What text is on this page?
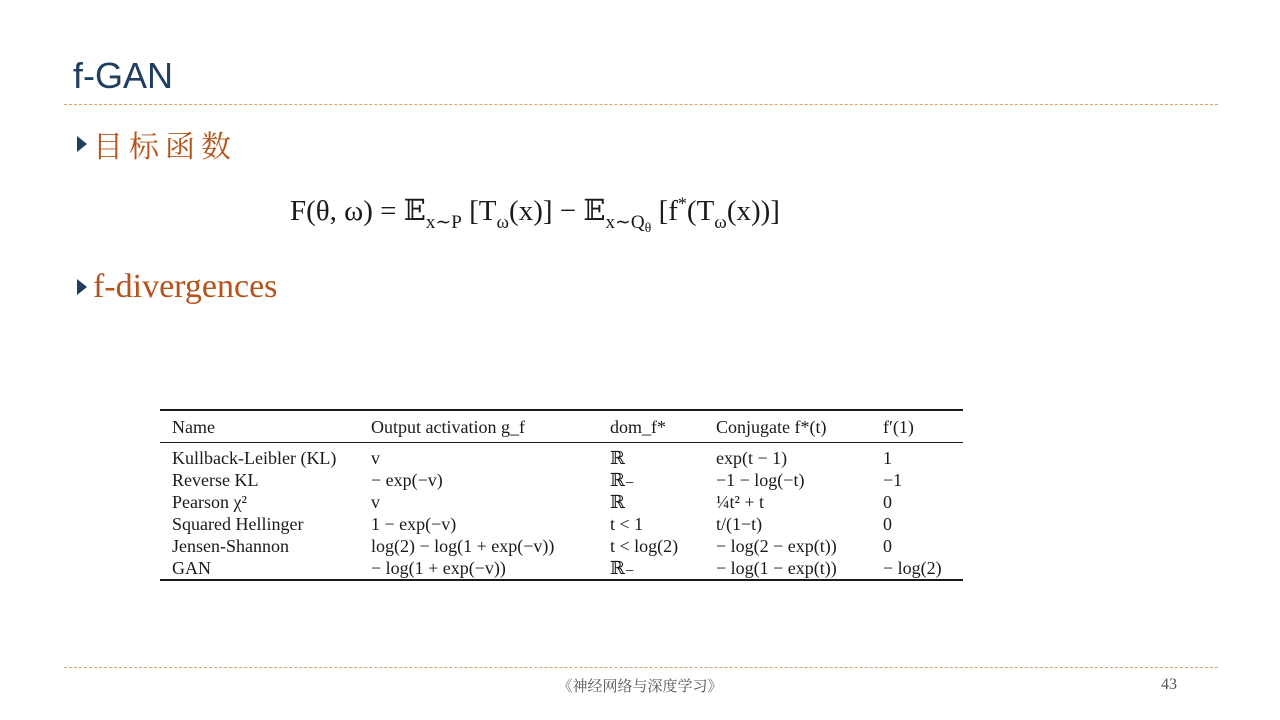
f-GAN
目标函数
F(θ, ω) = 𝔼$_{x\sim P}$ $[T_\omega(x)]$ − 𝔼$_{x\sim Q\theta}$ $[f^*(T_\omega(x))]$
f-divergences
Name	Output activation g_f	dom_f*	Conjugate f*(t)	f′(1)
Kullback-Leibler (KL)	v	ℝ	exp(t − 1)	1
Reverse KL	− exp(−v)	ℝ₋	−1 − log(−t)	−1
Pearson χ²	v	ℝ	¼t² + t	0
Squared Hellinger	1 − exp(−v)	t < 1	t/(1−t)	0
Jensen-Shannon	log(2) − log(1 + exp(−v))	t < log(2)	− log(2 − exp(t))	0
GAN	− log(1 + exp(−v))	ℝ₋	− log(1 − exp(t))	− log(2)
《神经网络与深度学习》	43
